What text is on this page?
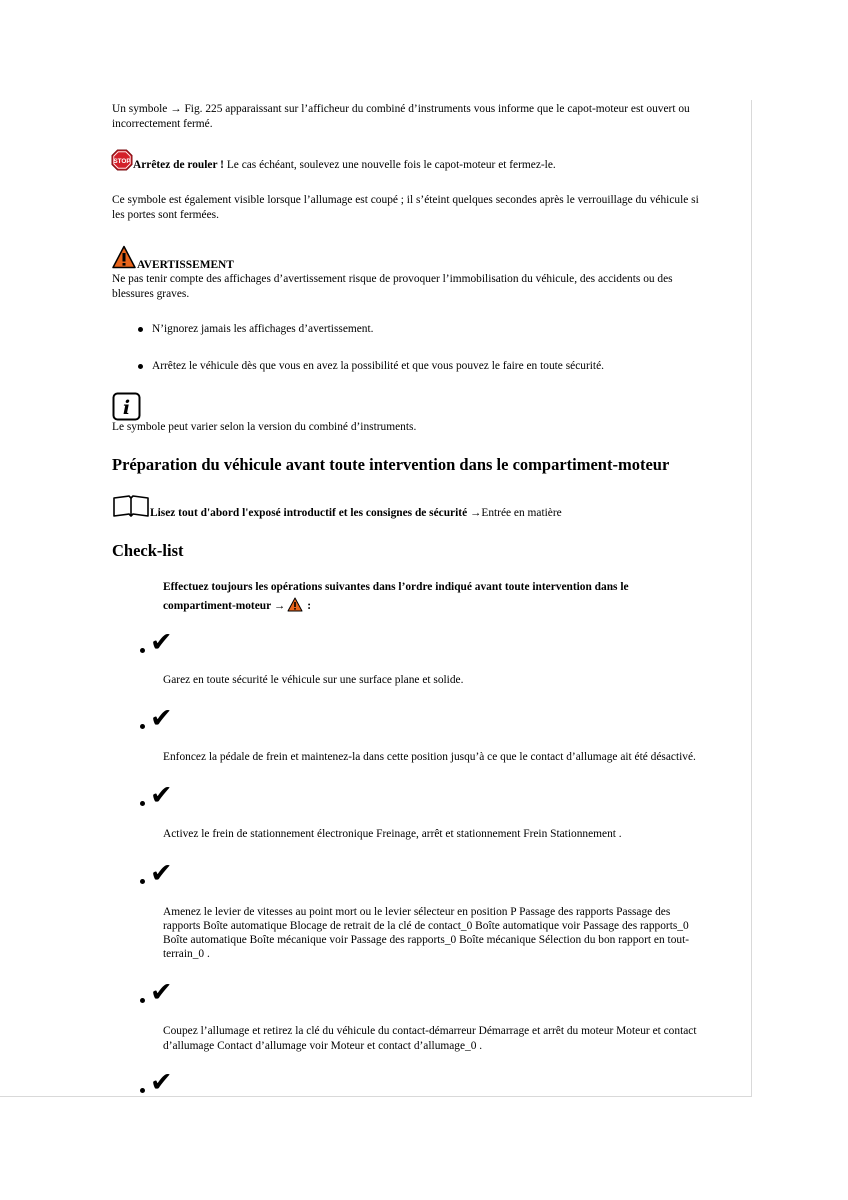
Un symbole → Fig. 225 apparaissant sur l’afficheur du combiné d’instruments vous informe que le capot-moteur est ouvert ou
incorrectement fermé.
STOP Arrêtez de rouler ! Le cas échéant, soulevez une nouvelle fois le capot-moteur et fermez-le.
Ce symbole est également visible lorsque l’allumage est coupé ; il s’éteint quelques secondes après le verrouillage du véhicule si
les portes sont fermées.
AVERTISSEMENT
Ne pas tenir compte des affichages d’avertissement risque de provoquer l’immobilisation du véhicule, des accidents ou des
blessures graves.
N’ignorez jamais les affichages d’avertissement.
Arrêtez le véhicule dès que vous en avez la possibilité et que vous pouvez le faire en toute sécurité.
i
Le symbole peut varier selon la version du combiné d’instruments.
Préparation du véhicule avant toute intervention dans le compartiment-moteur
Lisez tout d'abord l'exposé introductif et les consignes de sécurité →Entrée en matière
Check-list
Effectuez toujours les opérations suivantes dans l’ordre indiqué avant toute intervention dans le
compartiment-moteur → :
✔
Garez en toute sécurité le véhicule sur une surface plane et solide.
✔
Enfoncez la pédale de frein et maintenez-la dans cette position jusqu’à ce que le contact d’allumage ait été désactivé.
✔
Activez le frein de stationnement électronique Freinage, arrêt et stationnement Frein Stationnement .
✔
Amenez le levier de vitesses au point mort ou le levier sélecteur en position P Passage des rapports Passage des
rapports Boîte automatique Blocage de retrait de la clé de contact_0 Boîte automatique voir Passage des rapports_0
Boîte automatique Boîte mécanique voir Passage des rapports_0 Boîte mécanique Sélection du bon rapport en tout-
terrain_0 .
✔
Coupez l’allumage et retirez la clé du véhicule du contact-démarreur Démarrage et arrêt du moteur Moteur et contact
d’allumage Contact d’allumage voir Moteur et contact d’allumage_0 .
✔
